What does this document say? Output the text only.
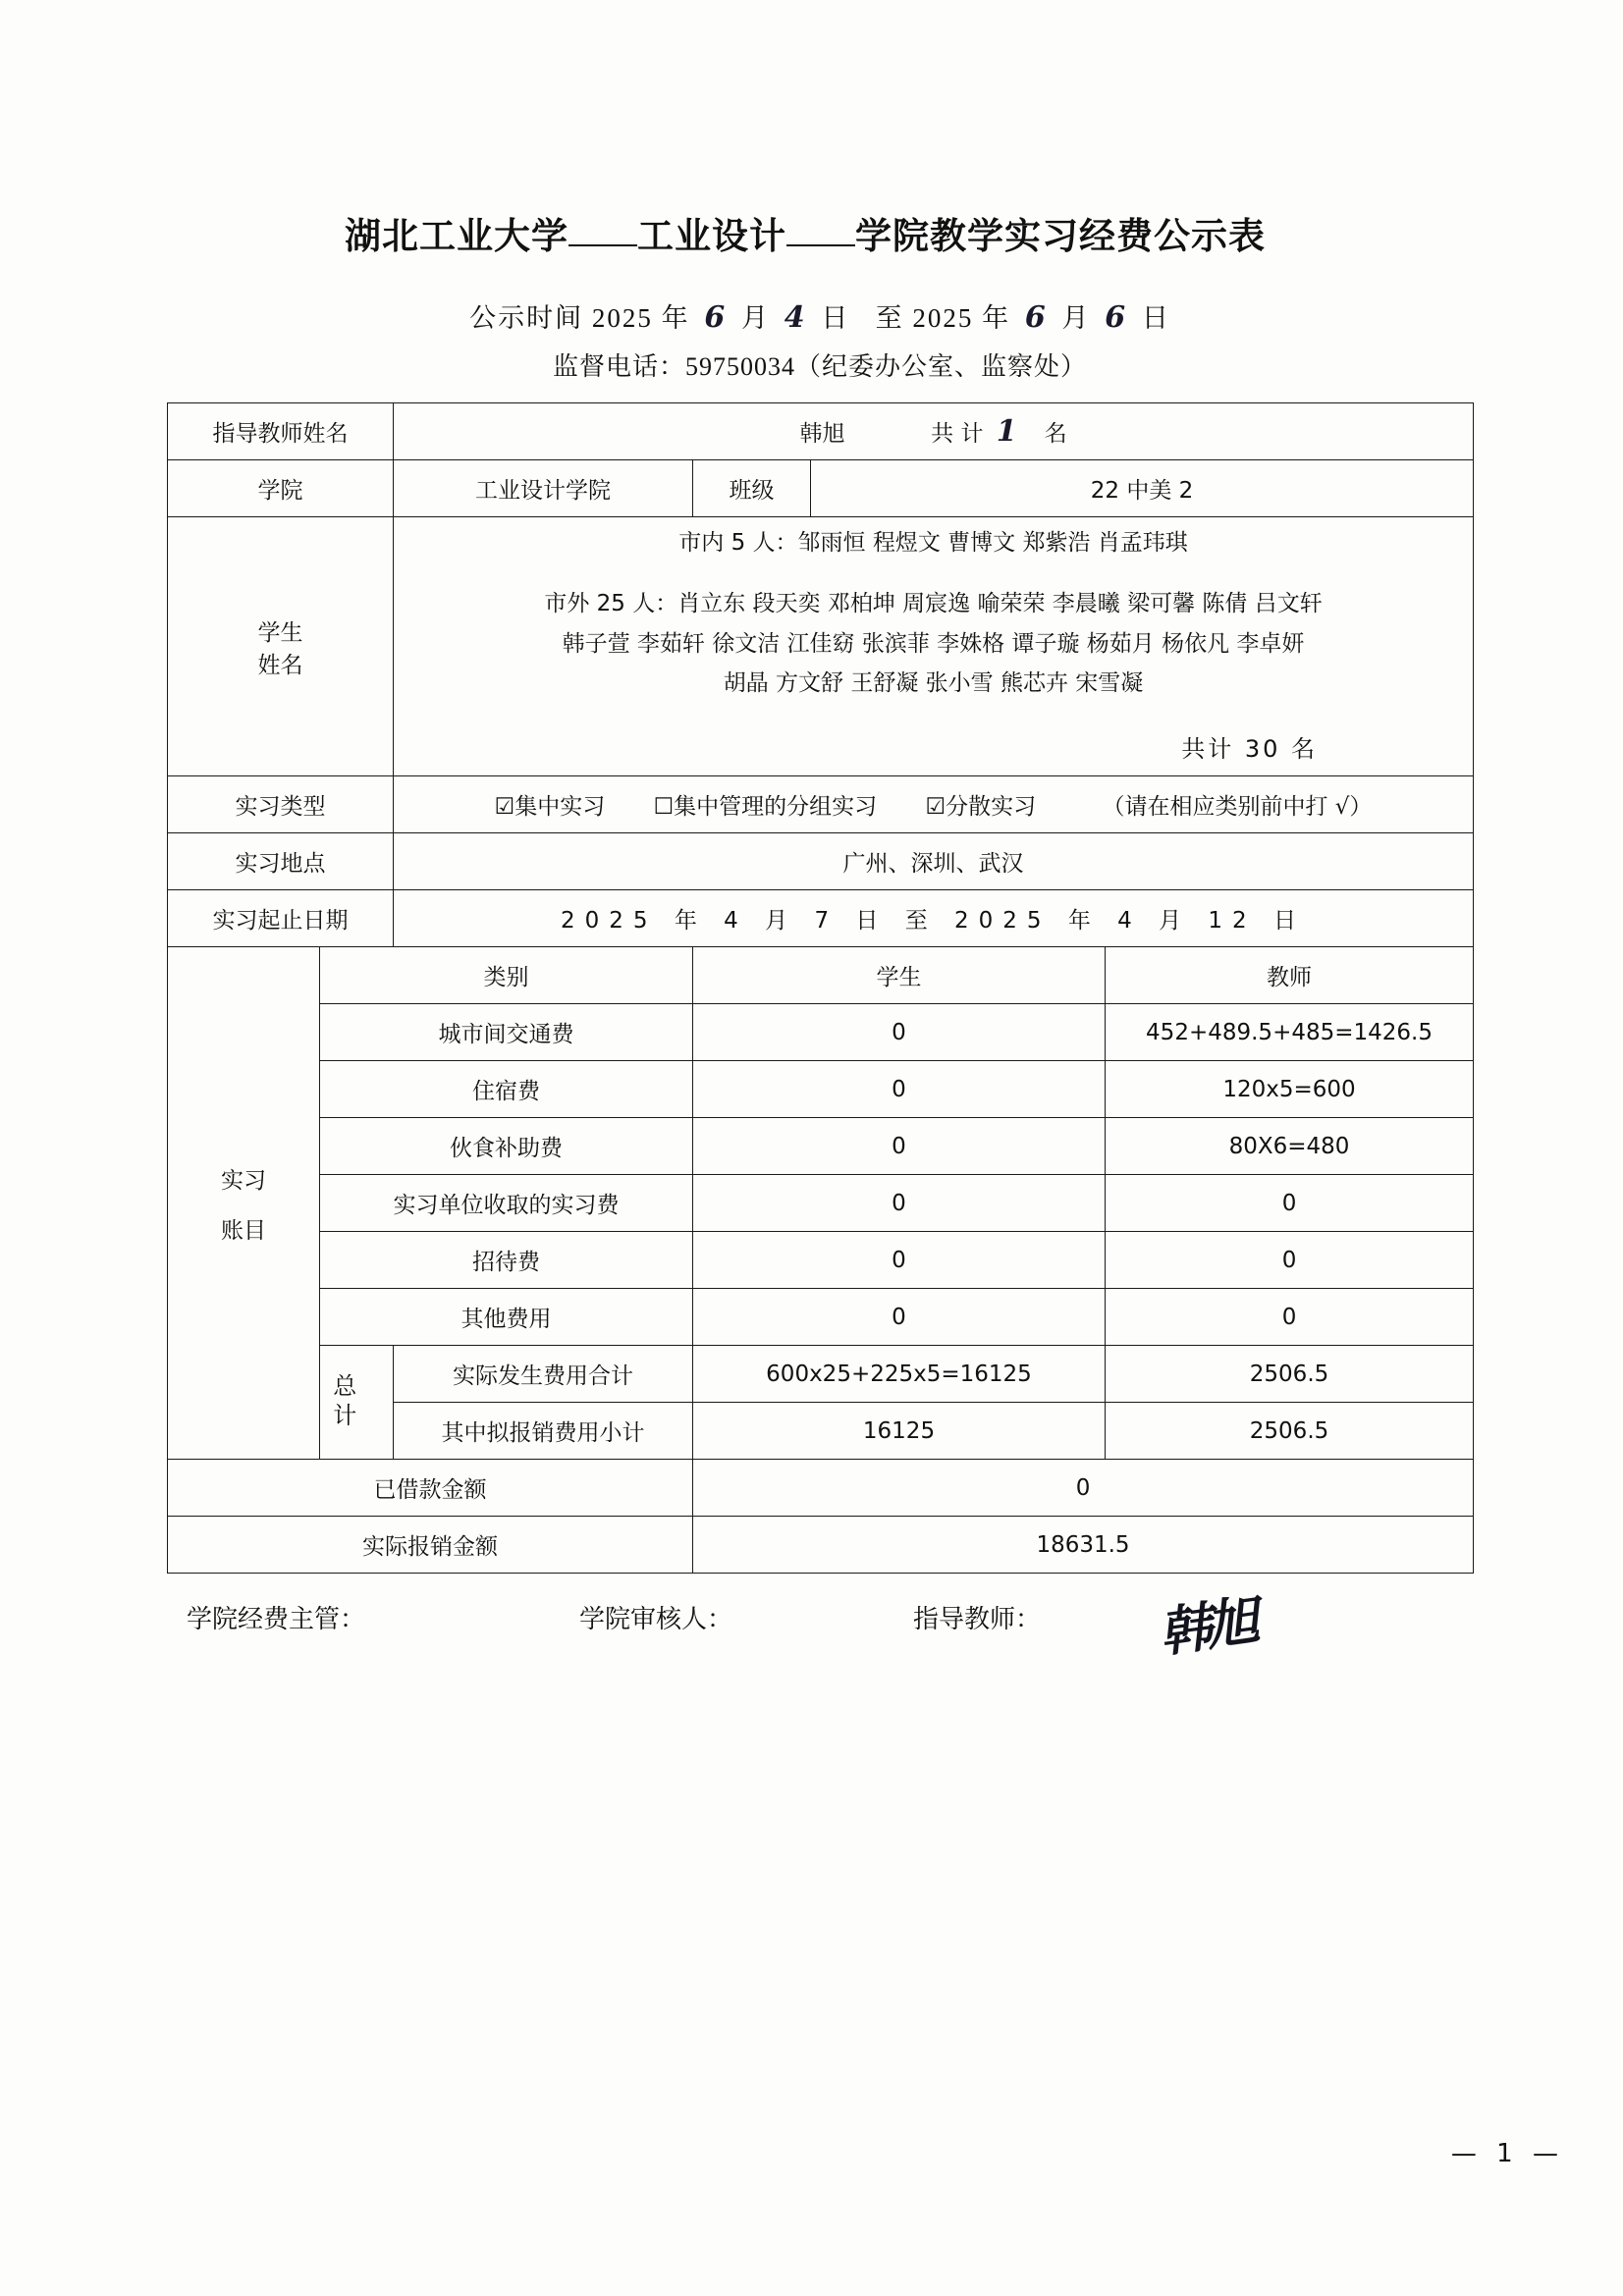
湖北工业大学 工业设计 学院教学实习经费公示表
公示时间 2025 年 6 月 4 日 至 2025 年 6 月 6 日
监督电话：59750034（纪委办公室、监察处）
指导教师姓名		韩旭 共 计 1 名			
学院		工业设计学院	班级	22 中美 2	

学生
姓名

市内 5 人：邹雨恒 程煜文 曹博文 郑紫浩 肖孟玮琪
市外 25 人：肖立东 段天奕 邓柏坤 周宸逸 喻荣荣 李晨曦 梁可馨 陈倩 吕文轩
韩子萱 李茹轩 徐文洁 江佳窈 张滨菲 李姝格 谭子璇 杨茹月 杨依凡 李卓妍
胡晶 方文舒 王舒凝 张小雪 熊芯卉 宋雪凝
共计 30 名

实习类型		☑集中实习 ☐集中管理的分组实习 ☑分散实习 （请在相应类别前中打 √）			
实习地点		广州、深圳、武汉			
实习起止日期		2025 年 4 月 7 日 至 2025 年 4 月 12 日			

实习
账目	类别		学生		教师
	城市间交通费		0		452+489.5+485=1426.5
	住宿费		0		120x5=600
	伙食补助费		0		80X6=480
	实习单位收取的实习费		0		0
	招待费		0		0
	其他费用		0		0

	总计	实际发生费用合计	600x25+225x5=16125		2506.5
		其中拟报销费用小计	16125		2506.5
已借款金额			0		
实际报销金额			18631.5		
学院经费主管：	学院审核人：	指导教师： 韩旭
— 1 —
